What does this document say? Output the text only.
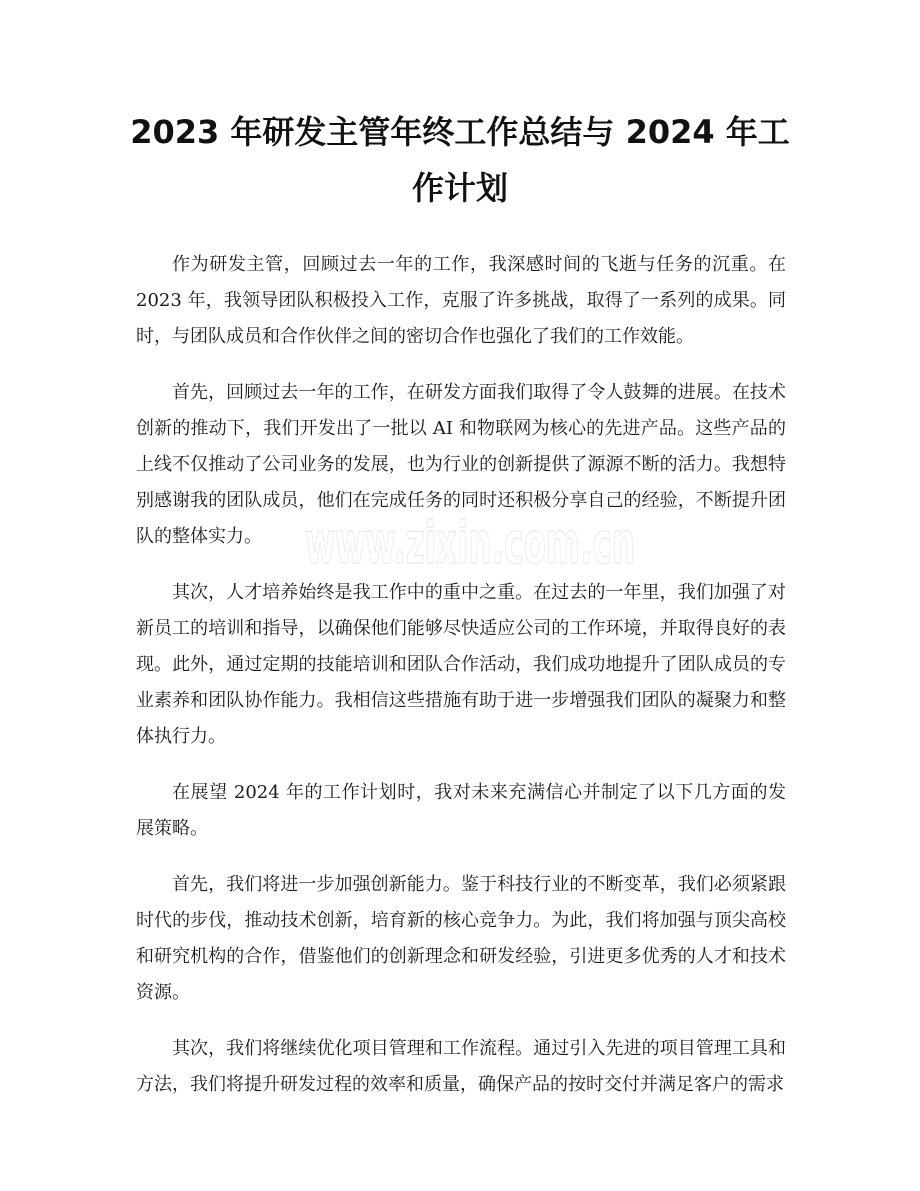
2023 年研发主管年终工作总结与 2024 年工作计划

作为研发主管，回顾过去一年的工作，我深感时间的飞逝与任务的沉重。在 2023 年，我领导团队积极投入工作，克服了许多挑战，取得了一系列的成果。同时，与团队成员和合作伙伴之间的密切合作也强化了我们的工作效能。

首先，回顾过去一年的工作，在研发方面我们取得了令人鼓舞的进展。在技术创新的推动下，我们开发出了一批以 AI 和物联网为核心的先进产品。这些产品的上线不仅推动了公司业务的发展，也为行业的创新提供了源源不断的活力。我想特别感谢我的团队成员，他们在完成任务的同时还积极分享自己的经验，不断提升团队的整体实力。

其次，人才培养始终是我工作中的重中之重。在过去的一年里，我们加强了对新员工的培训和指导，以确保他们能够尽快适应公司的工作环境，并取得良好的表现。此外，通过定期的技能培训和团队合作活动，我们成功地提升了团队成员的专业素养和团队协作能力。我相信这些措施有助于进一步增强我们团队的凝聚力和整体执行力。

在展望 2024 年的工作计划时，我对未来充满信心并制定了以下几方面的发展策略。

首先，我们将进一步加强创新能力。鉴于科技行业的不断变革，我们必须紧跟时代的步伐，推动技术创新，培育新的核心竞争力。为此，我们将加强与顶尖高校和研究机构的合作，借鉴他们的创新理念和研发经验，引进更多优秀的人才和技术资源。

其次，我们将继续优化项目管理和工作流程。通过引入先进的项目管理工具和方法，我们将提升研发过程的效率和质量，确保产品的按时交付并满足客户的需求

www.zixin.com.cn
